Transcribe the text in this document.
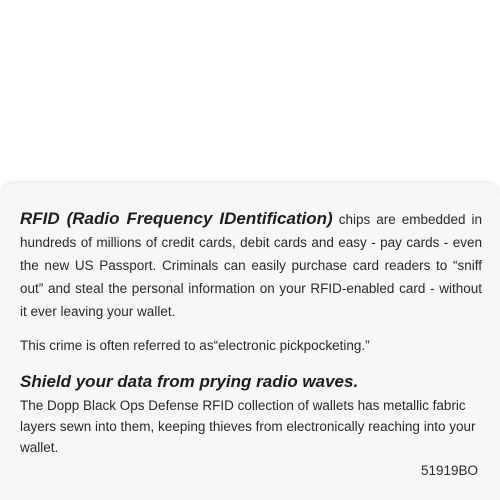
RFID (Radio Frequency IDentification) chips are embedded in hundreds of millions of credit cards, debit cards and easy - pay cards - even the new US Passport. Criminals can easily purchase card readers to “sniff out” and steal the personal information on your RFID-enabled card - without it ever leaving your wallet.

This crime is often referred to as“electronic pickpocketing.”

Shield your data from prying radio waves.

The Dopp Black Ops Defense RFID collection of wallets has metallic fabric layers sewn into them, keeping thieves from electronically reaching into your wallet.

51919BO
